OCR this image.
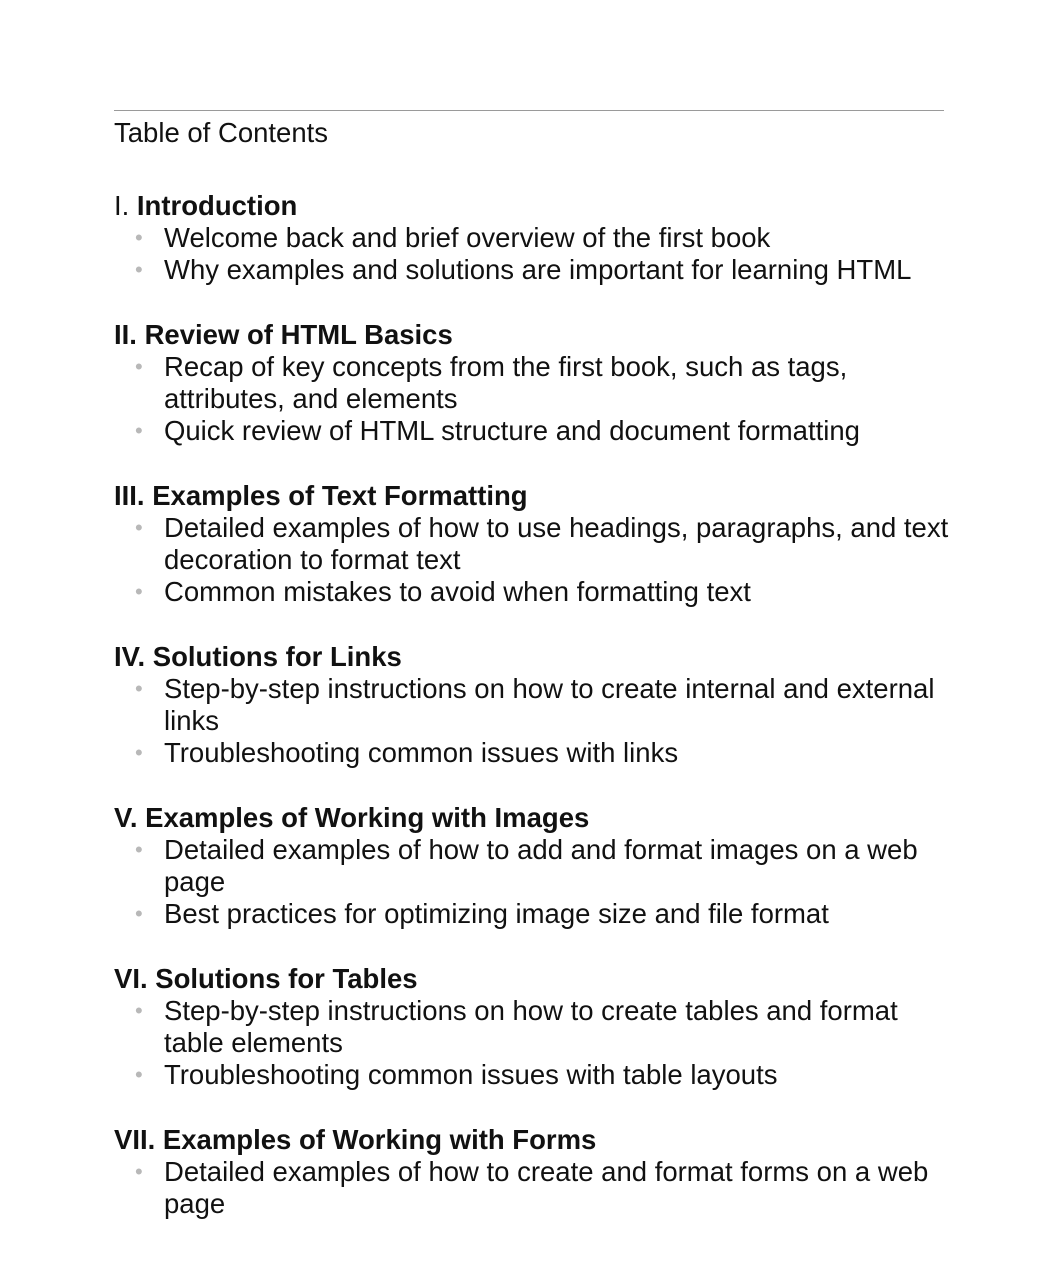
Table of Contents
I. Introduction
• Welcome back and brief overview of the first book
• Why examples and solutions are important for learning HTML
II. Review of HTML Basics
• Recap of key concepts from the first book, such as tags, attributes, and elements
• Quick review of HTML structure and document formatting
III. Examples of Text Formatting
• Detailed examples of how to use headings, paragraphs, and text decoration to format text
• Common mistakes to avoid when formatting text
IV. Solutions for Links
• Step-by-step instructions on how to create internal and external links
• Troubleshooting common issues with links
V. Examples of Working with Images
• Detailed examples of how to add and format images on a web page
• Best practices for optimizing image size and file format
VI. Solutions for Tables
• Step-by-step instructions on how to create tables and format table elements
• Troubleshooting common issues with table layouts
VII. Examples of Working with Forms
• Detailed examples of how to create and format forms on a web page
